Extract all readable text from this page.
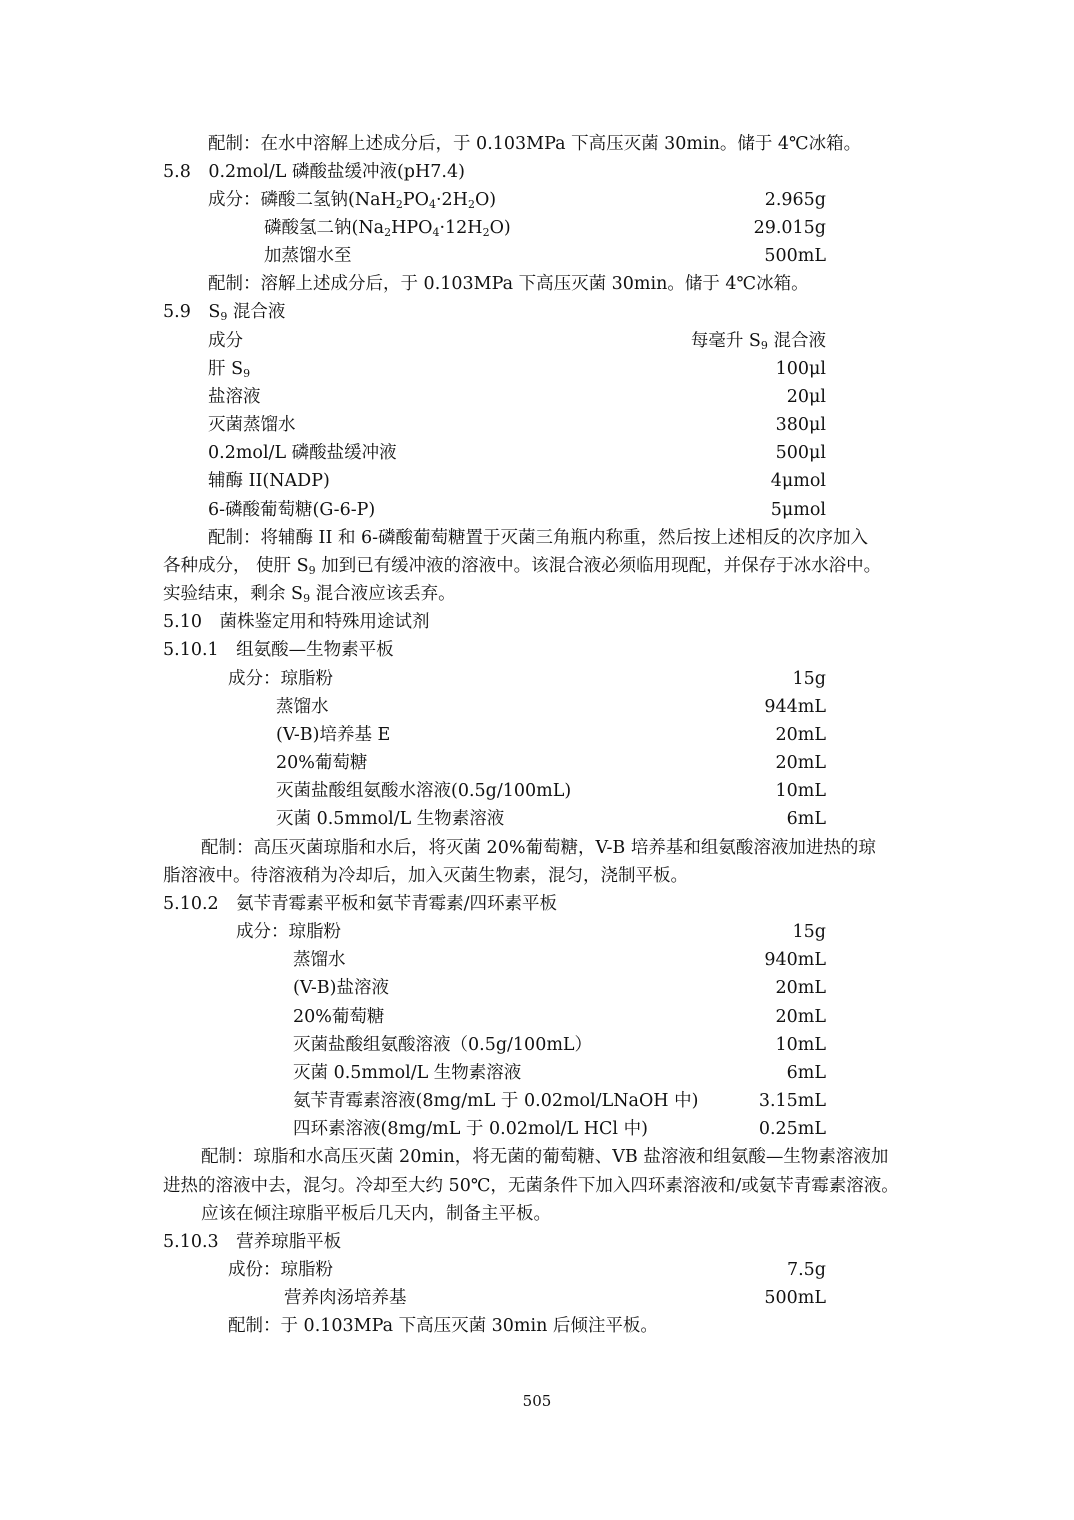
配制：在水中溶解上述成分后，于 0.103MPa 下高压灭菌 30min。储于 4℃冰箱。
5.8　0.2mol/L 磷酸盐缓冲液(pH7.4)
成分：磷酸二氢钠$(NaH_2PO_4\cdot 2H_2O)$	2.965g
磷酸氢二钠$(Na_2HPO_4\cdot 12H_2O)$	29.015g
加蒸馏水至	500mL
配制：溶解上述成分后，于 0.103MPa 下高压灭菌 30min。储于 4℃冰箱。
5.9　$S_9$ 混合液
成分	每毫升 $S_9$ 混合液
肝 $S_9$	100μl
盐溶液	20μl
灭菌蒸馏水	380μl
0.2mol/L 磷酸盐缓冲液	500μl
辅酶 II(NADP)	4μmol
6-磷酸葡萄糖(G-6-P)	5μmol
配制：将辅酶 II 和 6-磷酸葡萄糖置于灭菌三角瓶内称重，然后按上述相反的次序加入
各种成分， 使肝 $S_9$ 加到已有缓冲液的溶液中。该混合液必须临用现配，并保存于冰水浴中。
实验结束，剩余 $S_9$ 混合液应该丢弃。
5.10　菌株鉴定用和特殊用途试剂
5.10.1　组氨酸—生物素平板
成分：琼脂粉	15g
蒸馏水	944mL
(V-B)培养基 E	20mL
20%葡萄糖	20mL
灭菌盐酸组氨酸水溶液(0.5g/100mL)	10mL
灭菌 0.5mmol/L 生物素溶液	6mL
配制：高压灭菌琼脂和水后，将灭菌 20%葡萄糖，V-B 培养基和组氨酸溶液加进热的琼
脂溶液中。待溶液稍为冷却后，加入灭菌生物素，混匀，浇制平板。
5.10.2　氨苄青霉素平板和氨苄青霉素/四环素平板
成分：琼脂粉	15g
蒸馏水	940mL
(V-B)盐溶液	20mL
20%葡萄糖	20mL
灭菌盐酸组氨酸溶液（0.5g/100mL）	10mL
灭菌 0.5mmol/L 生物素溶液	6mL
氨苄青霉素溶液(8mg/mL 于 0.02mol/LNaOH 中)	3.15mL
四环素溶液(8mg/mL 于 0.02mol/L HCl 中)	0.25mL
配制：琼脂和水高压灭菌 20min，将无菌的葡萄糖、VB 盐溶液和组氨酸—生物素溶液加
进热的溶液中去，混匀。冷却至大约 50℃，无菌条件下加入四环素溶液和/或氨苄青霉素溶液。
应该在倾注琼脂平板后几天内，制备主平板。
5.10.3　营养琼脂平板
成份：琼脂粉	7.5g
营养肉汤培养基	500mL
配制：于 0.103MPa 下高压灭菌 30min 后倾注平板。
505
